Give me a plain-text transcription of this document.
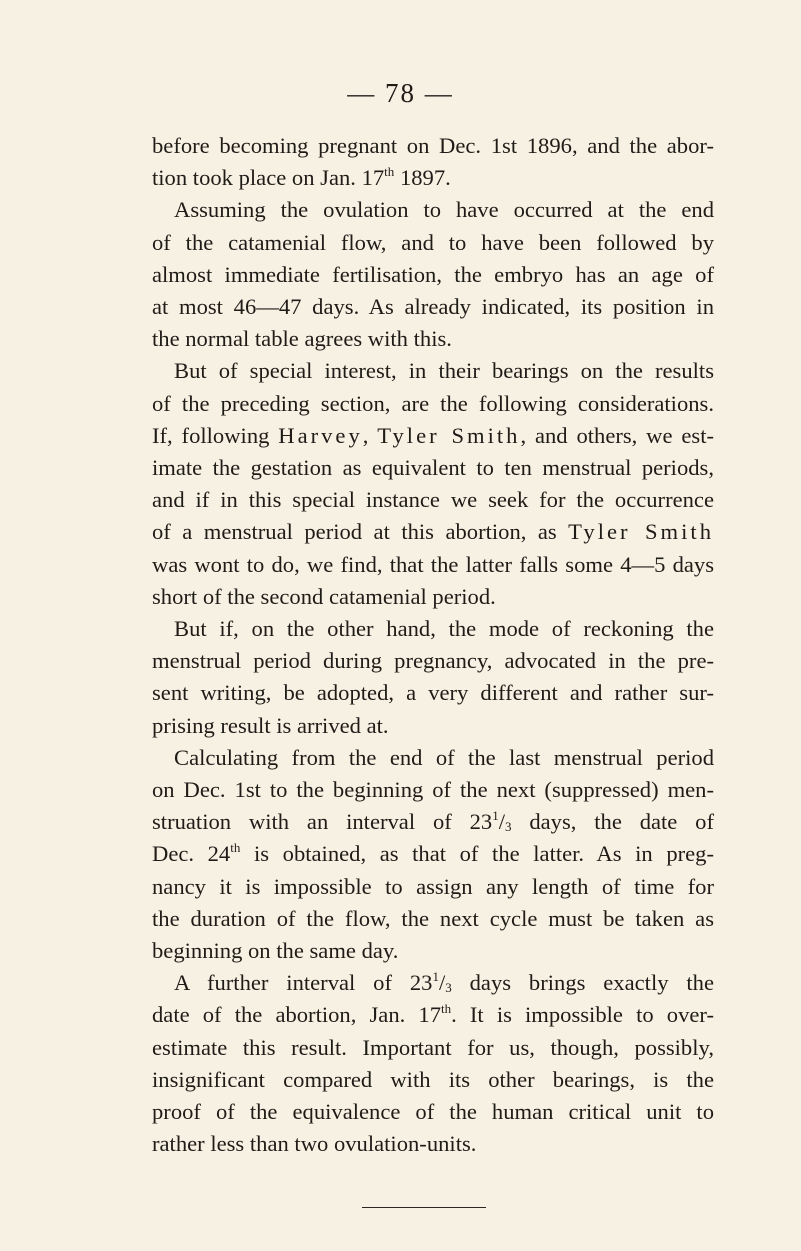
— 78 —
before becoming pregnant on Dec. 1st 1896, and the abor-
tion took place on Jan. 17th 1897.
Assuming the ovulation to have occurred at the end
of the catamenial flow, and to have been followed by
almost immediate fertilisation, the embryo has an age of
at most 46—47 days. As already indicated, its position in
the normal table agrees with this.
But of special interest, in their bearings on the results
of the preceding section, are the following considerations.
If, following Harvey, Tyler Smith, and others, we est-
imate the gestation as equivalent to ten menstrual periods,
and if in this special instance we seek for the occurrence
of a menstrual period at this abortion, as Tyler Smith
was wont to do, we find, that the latter falls some 4—5 days
short of the second catamenial period.
But if, on the other hand, the mode of reckoning the
menstrual period during pregnancy, advocated in the pre-
sent writing, be adopted, a very different and rather sur-
prising result is arrived at.
Calculating from the end of the last menstrual period
on Dec. 1st to the beginning of the next (suppressed) men-
struation with an interval of $23^1/_3$ days, the date of
Dec. 24th is obtained, as that of the latter. As in preg-
nancy it is impossible to assign any length of time for
the duration of the flow, the next cycle must be taken as
beginning on the same day.
A further interval of $23^1/_3$ days brings exactly the
date of the abortion, Jan. 17th. It is impossible to over-
estimate this result. Important for us, though, possibly,
insignificant compared with its other bearings, is the
proof of the equivalence of the human critical unit to
rather less than two ovulation-units.
